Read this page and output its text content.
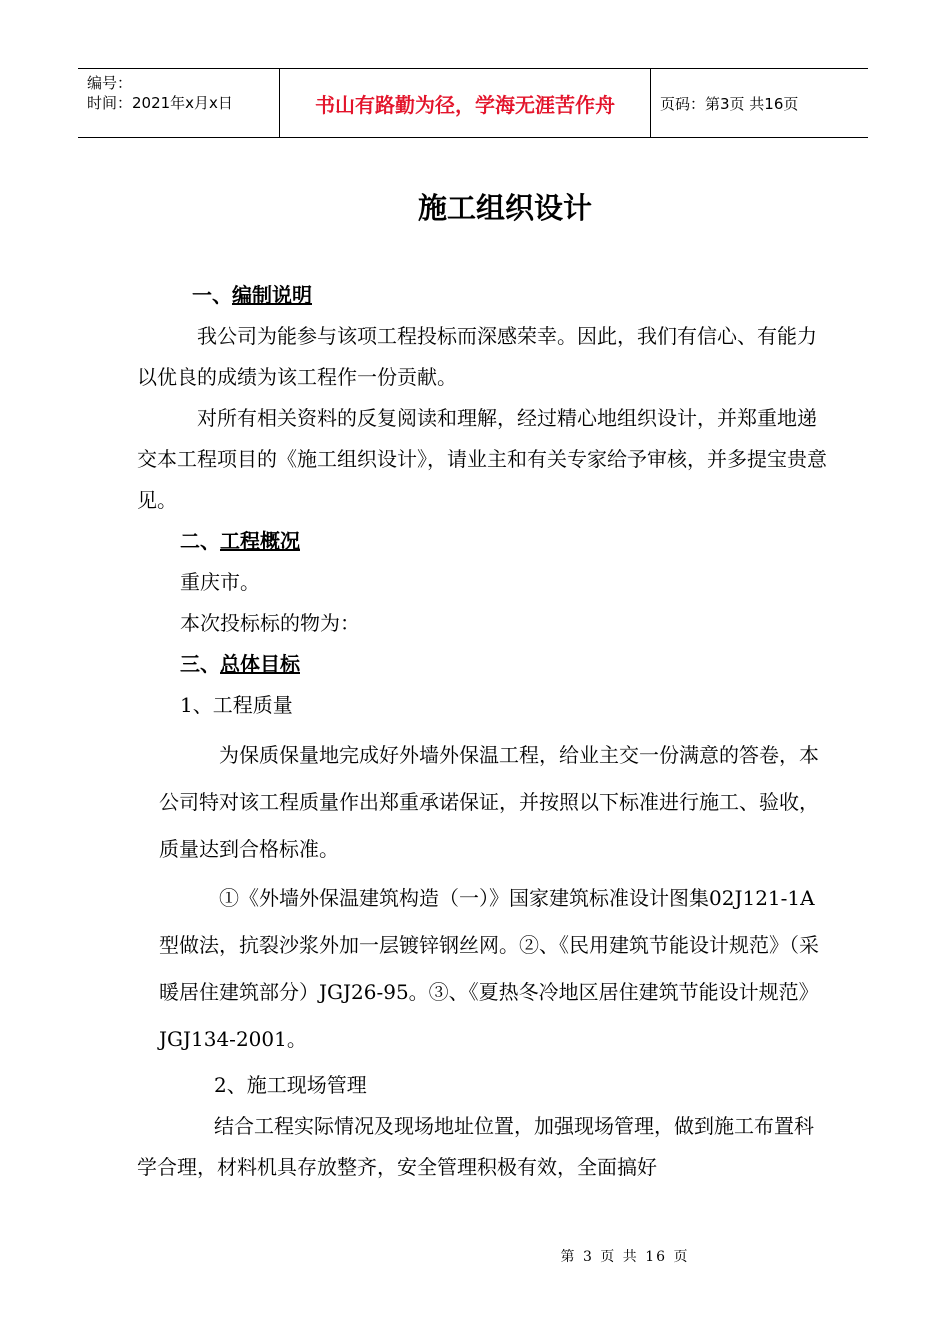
编号：
时间：2021年x月x日	书山有路勤为径，学海无涯苦作舟	页码：第3页 共16页
施工组织设计

一、编制说明

我公司为能参与该项工程投标而深感荣幸。因此，我们有信心、有能力以优良的成绩为该工程作一份贡献。

对所有相关资料的反复阅读和理解，经过精心地组织设计，并郑重地递交本工程项目的《施工组织设计》，请业主和有关专家给予审核，并多提宝贵意见。

二、工程概况

重庆市。

本次投标标的物为：

三、总体目标

1、工程质量

为保质保量地完成好外墙外保温工程，给业主交一份满意的答卷，本公司特对该工程质量作出郑重承诺保证，并按照以下标准进行施工、验收，质量达到合格标准。

①《外墙外保温建筑构造（一）》国家建筑标准设计图集02J121-1A型做法，抗裂沙浆外加一层镀锌钢丝网。②、《民用建筑节能设计规范》（采暖居住建筑部分）JGJ26-95。③、《夏热冬冷地区居住建筑节能设计规范》JGJ134-2001。

2、施工现场管理

结合工程实际情况及现场地址位置，加强现场管理，做到施工布置科学合理，材料机具存放整齐，安全管理积极有效，全面搞好

第 3 页 共 16 页
